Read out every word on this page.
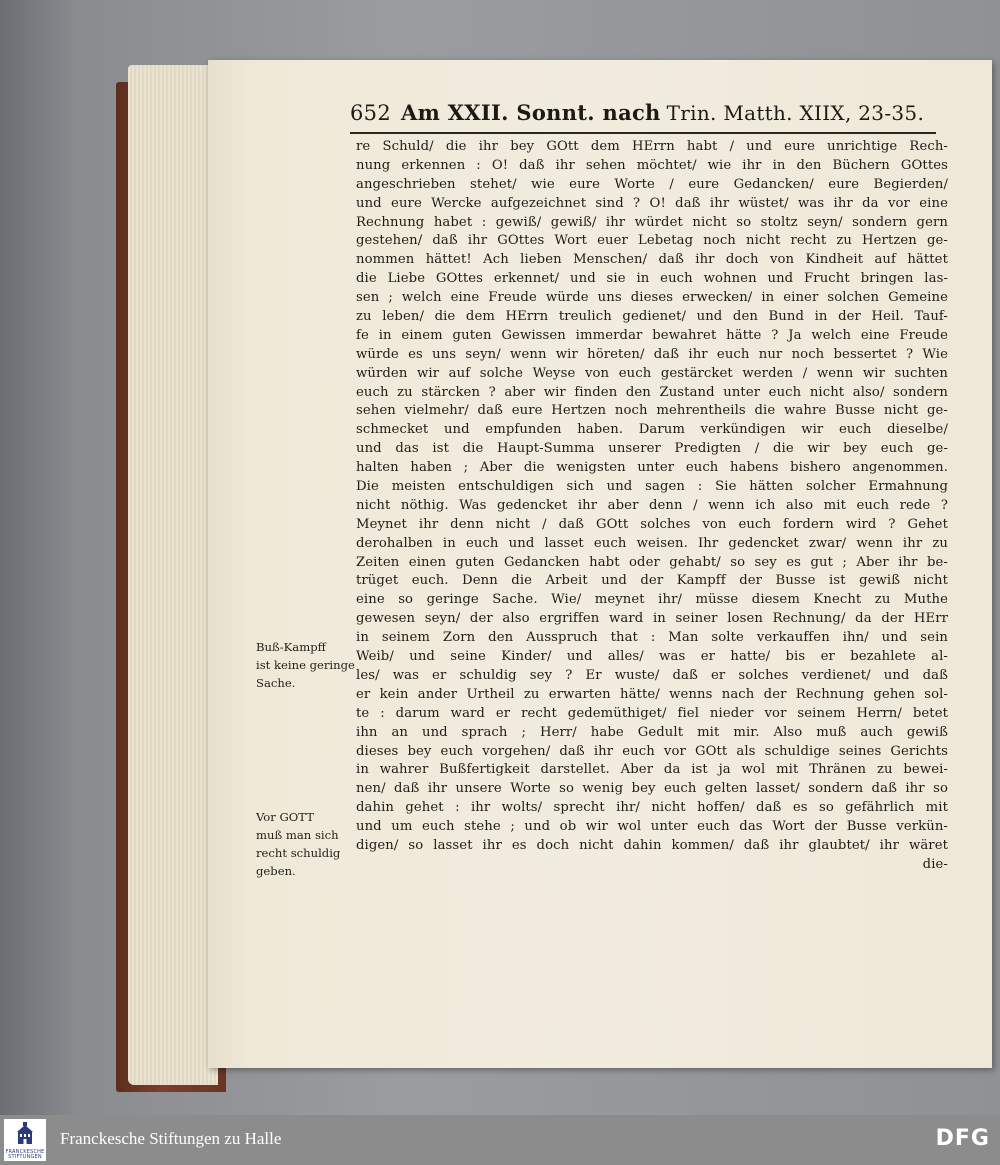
652 Am XXII. Sonnt. nach Trin. Matth. XIIX, 23-35.
re Schuld/ die ihr bey GOtt dem HErrn habt / und eure unrichtige Rech-
nung erkennen : O! daß ihr sehen möchtet/ wie ihr in den Büchern GOttes
angeschrieben stehet/ wie eure Worte / eure Gedancken/ eure Begierden/
und eure Wercke aufgezeichnet sind ? O! daß ihr wüstet/ was ihr da vor eine
Rechnung habet : gewiß/ gewiß/ ihr würdet nicht so stoltz seyn/ sondern gern
gestehen/ daß ihr GOttes Wort euer Lebetag noch nicht recht zu Hertzen ge-
nommen hättet! Ach lieben Menschen/ daß ihr doch von Kindheit auf hättet
die Liebe GOttes erkennet/ und sie in euch wohnen und Frucht bringen las-
sen ; welch eine Freude würde uns dieses erwecken/ in einer solchen Gemeine
zu leben/ die dem HErrn treulich gedienet/ und den Bund in der Heil. Tauf-
fe in einem guten Gewissen immerdar bewahret hätte ? Ja welch eine Freude
würde es uns seyn/ wenn wir höreten/ daß ihr euch nur noch bessertet ? Wie
würden wir auf solche Weyse von euch gestärcket werden / wenn wir suchten
euch zu stärcken ? aber wir finden den Zustand unter euch nicht also/ sondern
sehen vielmehr/ daß eure Hertzen noch mehrentheils die wahre Busse nicht ge-
schmecket und empfunden haben. Darum verkündigen wir euch dieselbe/
und das ist die Haupt-Summa unserer Predigten / die wir bey euch ge-
halten haben ; Aber die wenigsten unter euch habens bishero angenommen.
Die meisten entschuldigen sich und sagen : Sie hätten solcher Ermahnung
nicht nöthig. Was gedencket ihr aber denn / wenn ich also mit euch rede ?
Meynet ihr denn nicht / daß GOtt solches von euch fordern wird ? Gehet
derohalben in euch und lasset euch weisen. Ihr gedencket zwar/ wenn ihr zu
Zeiten einen guten Gedancken habt oder gehabt/ so sey es gut ; Aber ihr be-
trüget euch. Denn die Arbeit und der Kampff der Busse ist gewiß nicht
eine so geringe Sache. Wie/ meynet ihr/ müsse diesem Knecht zu Muthe
gewesen seyn/ der also ergriffen ward in seiner losen Rechnung/ da der HErr
in seinem Zorn den Ausspruch that : Man solte verkauffen ihn/ und sein
Weib/ und seine Kinder/ und alles/ was er hatte/ bis er bezahlete al-
les/ was er schuldig sey ? Er wuste/ daß er solches verdienet/ und daß
er kein ander Urtheil zu erwarten hätte/ wenns nach der Rechnung gehen sol-
te : darum ward er recht gedemüthiget/ fiel nieder vor seinem Herrn/ betet
ihn an und sprach ; Herr/ habe Gedult mit mir. Also muß auch gewiß
dieses bey euch vorgehen/ daß ihr euch vor GOtt als schuldige seines Gerichts
in wahrer Bußfertigkeit darstellet. Aber da ist ja wol mit Thränen zu bewei-
nen/ daß ihr unsere Worte so wenig bey euch gelten lasset/ sondern daß ihr so
dahin gehet : ihr wolts/ sprecht ihr/ nicht hoffen/ daß es so gefährlich mit
und um euch stehe ; und ob wir wol unter euch das Wort der Busse verkün-
digen/ so lasset ihr es doch nicht dahin kommen/ daß ihr glaubtet/ ihr wäret
die-
Buß-Kampff
ist keine geringe
Sache.
Vor GOTT
muß man sich
recht schuldig
geben.
FRANCKESCHE
STIFTUNGEN
Franckesche Stiftungen zu Halle	DFG
